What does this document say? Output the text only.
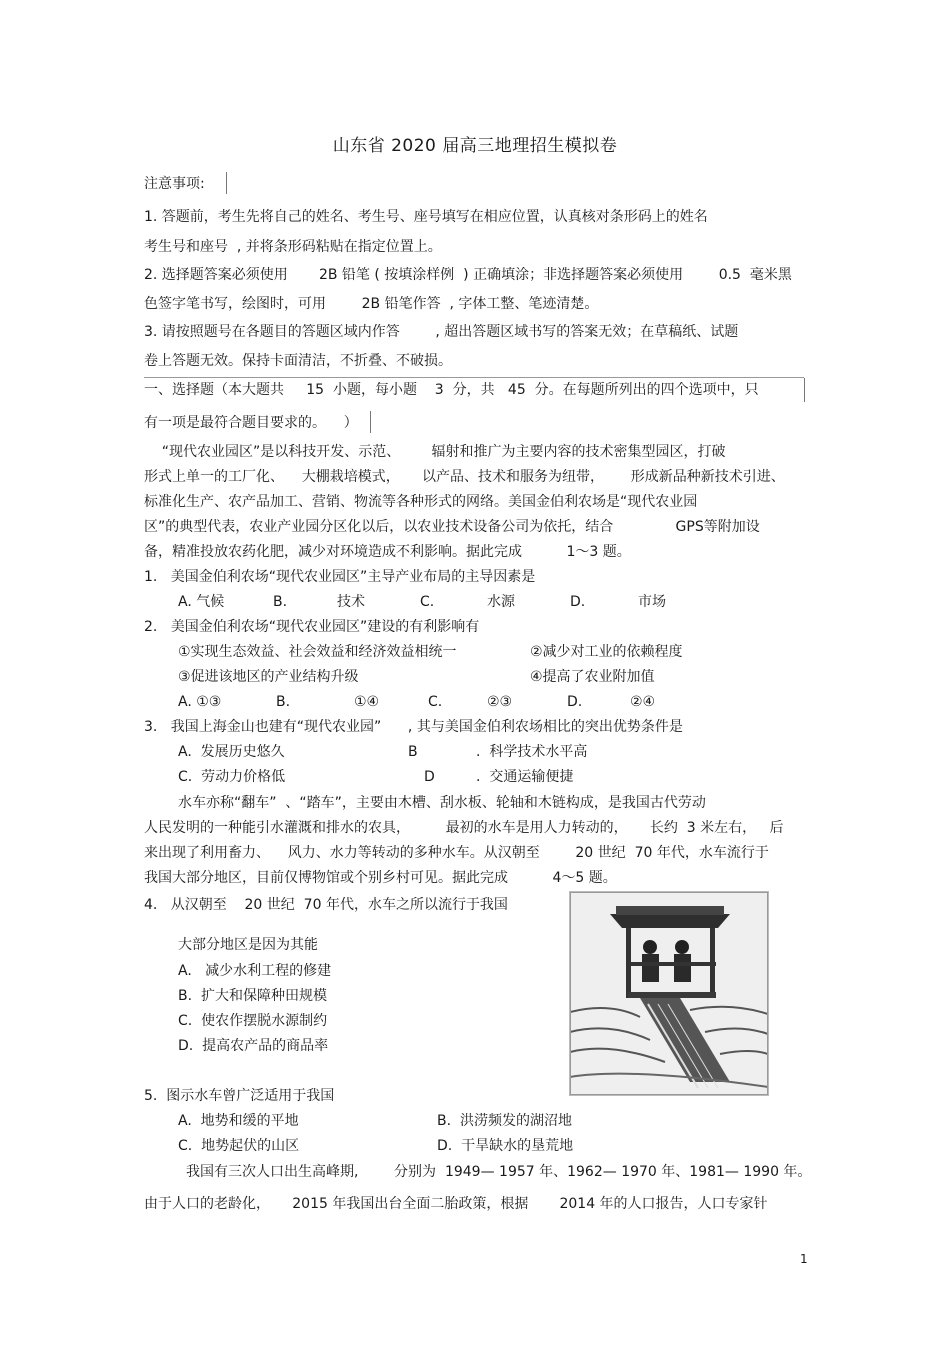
山东省 2020 届高三地理招生模拟卷
注意事项:
1. 答题前，考生先将自己的姓名、考生号、座号填写在相应位置，认真核对条形码上的姓名
考生号和座号  , 并将条形码粘贴在指定位置上。
2. 选择题答案必须使用       2B 铅笔 ( 按填涂样例  ) 正确填涂；非选择题答案必须使用        0.5  毫米黑
色签字笔书写，绘图时，可用        2B 铅笔作答  , 字体工整、笔迹清楚。
3. 请按照题号在各题目的答题区域内作答        , 超出答题区域书写的答案无效；在草稿纸、试题
卷上答题无效。保持卡面清洁，不折叠、不破损。
一、选择题（本大题共     15  小题，每小题    3  分，共   45  分。在每题所列出的四个选项中，只
有一项是最符合题目要求的。    ）
“现代农业园区”是以科技开发、示范、       辐射和推广为主要内容的技术密集型园区，打破
形式上单一的工厂化、    大棚栽培模式，     以产品、技术和服务为纽带，      形成新品种新技术引进、
标准化生产、农产品加工、营销、物流等各种形式的网络。美国金伯利农场是“现代农业园
区”的典型代表，农业产业园分区化以后，以农业技术设备公司为依托，结合              GPS等附加设
备，精准投放农药化肥，减少对环境造成不利影响。据此完成          1～3 题。
1.   美国金伯利农场“现代农业园区”主导产业布局的主导因素是
A. 气候	B.	技术	C.	水源	D.	市场
2.   美国金伯利农场“现代农业园区”建设的有利影响有
①实现生态效益、社会效益和经济效益相统一	②减少对工业的依赖程度
③促进该地区的产业结构升级	④提高了农业附加值
A. ①③	B.	①④	C.	②③	D.	②④
3.   我国上海金山也建有“现代农业园”      , 其与美国金伯利农场相比的突出优势条件是
A.  发展历史悠久	B	.  科学技术水平高
C.  劳动力价格低	D	.  交通运输便捷
水车亦称“翻车”  、“踏车”，主要由木槽、刮水板、轮轴和木链构成，是我国古代劳动
人民发明的一种能引水灌溉和排水的农具，        最初的水车是用人力转动的，     长约  3 米左右，   后
来出现了利用畜力、    风力、水力等转动的多种水车。从汉朝至        20 世纪  70 年代，水车流行于
我国大部分地区，目前仅博物馆或个别乡村可见。据此完成          4～5 题。
4.   从汉朝至    20 世纪  70 年代，水车之所以流行于我国
大部分地区是因为其能
A.   减少水利工程的修建
B.  扩大和保障种田规模
C.  使农作摆脱水源制约
D.  提高农产品的商品率
5.  图示水车曾广泛适用于我国
A.  地势和缓的平地	B.  洪涝频发的湖沼地
C.  地势起伏的山区	D.  干旱缺水的垦荒地
我国有三次人口出生高峰期,        分别为  1949— 1957 年、1962— 1970 年、1981— 1990 年。
由于人口的老龄化，     2015 年我国出台全面二胎政策，根据       2014 年的人口报告，人口专家针
1
